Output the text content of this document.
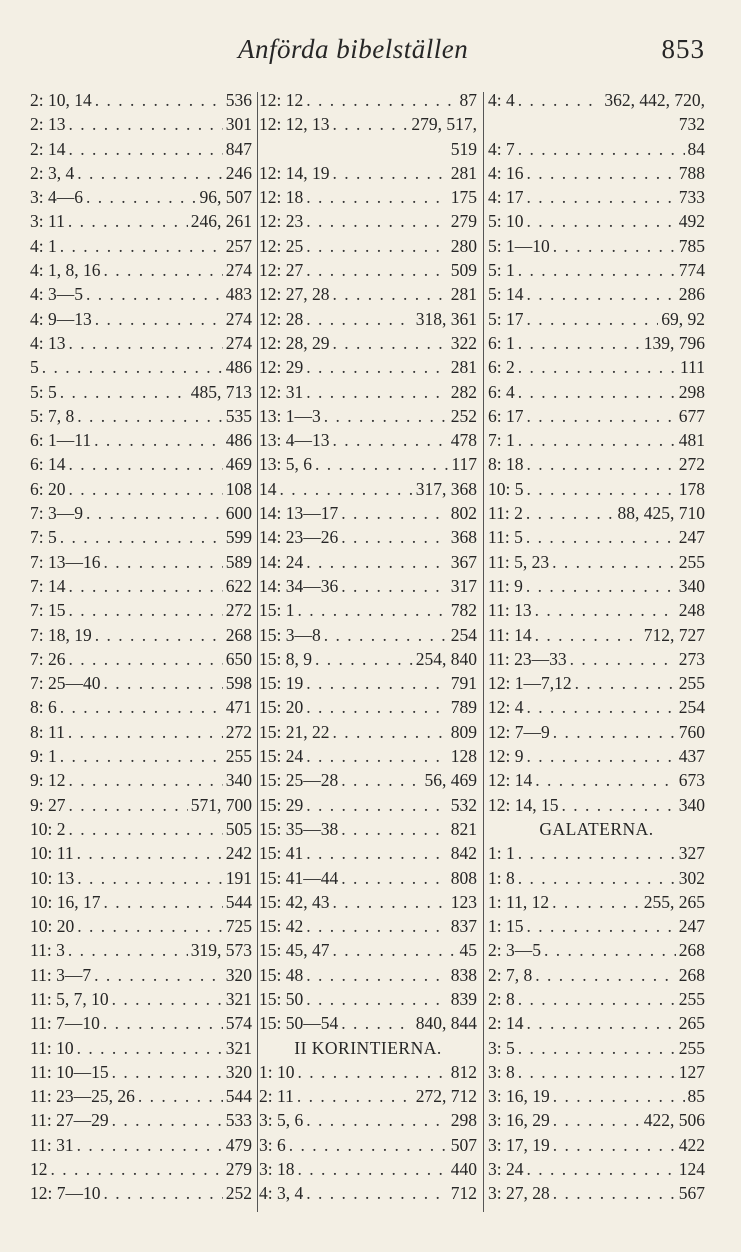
Anförda bibelställen	853
2: 10, 14 . . .	536
2: 13 . . .	301
2: 14 . . .	847
2: 3, 4 . . .	246
3: 4—6 . . .	96, 507
3: 11 . . .	246, 261
4: 1 . . .	257
4: 1, 8, 16 . . .	274
4: 3—5 . . .	483
4: 9—13 . . .	274
4: 13 . . .	274
5 . . .	486
5: 5 . . .	485, 713
5: 7, 8 . . .	535
6: 1—11 . . .	486
6: 14 . . .	469
6: 20 . . .	108
7: 3—9 . . .	600
7: 5 . . .	599
7: 13—16 . . .	589
7: 14 . . .	622
7: 15 . . .	272
7: 18, 19 . . .	268
7: 26 . . .	650
7: 25—40 . . .	598
8: 6 . . .	471
8: 11 . . .	272
9: 1 . . .	255
9: 12 . . .	340
9: 27 . . .	571, 700
10: 2 . . .	505
10: 11 . . .	242
10: 13 . . .	191
10: 16, 17 . . .	544
10: 20 . . .	725
11: 3 . . .	319, 573
11: 3—7 . . .	320
11: 5, 7, 10 . . .	321
11: 7—10 . . .	574
11: 10 . . .	321
11: 10—15 . . .	320
11: 23—25, 26 . . .	544
11: 27—29 . . .	533
11: 31 . . .	479
12 . . .	279
12: 7—10 . . .	252
12: 12 . . .	87
12: 12, 13 . . .	279, 517,
519
12: 14, 19 . . .	281
12: 18 . . .	175
12: 23 . . .	279
12: 25 . . .	280
12: 27 . . .	509
12: 27, 28 . . .	281
12: 28 . . .	318, 361
12: 28, 29 . . .	322
12: 29 . . .	281
12: 31 . . .	282
13: 1—3 . . .	252
13: 4—13 . . .	478
13: 5, 6 . . .	117
14 . . .	317, 368
14: 13—17 . . .	802
14: 23—26 . . .	368
14: 24 . . .	367
14: 34—36 . . .	317
15: 1 . . .	782
15: 3—8 . . .	254
15: 8, 9 . . .	254, 840
15: 19 . . .	791
15: 20 . . .	789
15: 21, 22 . . .	809
15: 24 . . .	128
15: 25—28 . . .	56, 469
15: 29 . . .	532
15: 35—38 . . .	821
15: 41 . . .	842
15: 41—44 . . .	808
15: 42, 43 . . .	123
15: 42 . . .	837
15: 45, 47 . . .	45
15: 48 . . .	838
15: 50 . . .	839
15: 50—54 . . .	840, 844
II KORINTIERNA.
1: 10 . . .	812
2: 11 . . .	272, 712
3: 5, 6 . . .	298
3: 6 . . .	507
3: 18 . . .	440
4: 3, 4 . . .	712
4: 4 . . .	362, 442, 720,
732
4: 7 . . .	84
4: 16 . . .	788
4: 17 . . .	733
5: 10 . . .	492
5: 1—10 . . .	785
5: 1 . . .	774
5: 14 . . .	286
5: 17 . . .	69, 92
6: 1 . . .	139, 796
6: 2 . . .	111
6: 4 . . .	298
6: 17 . . .	677
7: 1 . . .	481
8: 18 . . .	272
10: 5 . . .	178
11: 2 . . .	88, 425, 710
11: 5 . . .	247
11: 5, 23 . . .	255
11: 9 . . .	340
11: 13 . . .	248
11: 14 . . .	712, 727
11: 23—33 . . .	273
12: 1—7,12 . . .	255
12: 4 . . .	254
12: 7—9 . . .	760
12: 9 . . .	437
12: 14 . . .	673
12: 14, 15 . . .	340
GALATERNA.
1: 1 . . .	327
1: 8 . . .	302
1: 11, 12 . . .	255, 265
1: 15 . . .	247
2: 3—5 . . .	268
2: 7, 8 . . .	268
2: 8 . . .	255
2: 14 . . .	265
3: 5 . . .	255
3: 8 . . .	127
3: 16, 19 . . .	85
3: 16, 29 . . .	422, 506
3: 17, 19 . . .	422
3: 24 . . .	124
3: 27, 28 . . .	567
